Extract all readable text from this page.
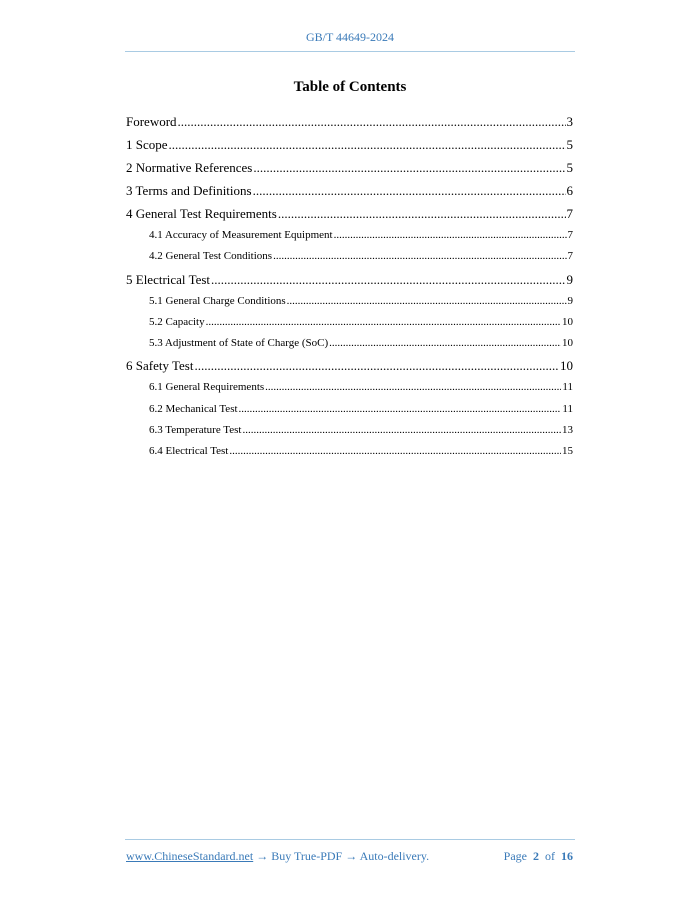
GB/T 44649-2024
Table of Contents
Foreword .....	3
1 Scope .....	5
2 Normative References .....	5
3 Terms and Definitions .....	6
4 General Test Requirements .....	7
4.1 Accuracy of Measurement Equipment .....	7
4.2 General Test Conditions .....	7
5 Electrical Test .....	9
5.1 General Charge Conditions .....	9
5.2 Capacity .....	10
5.3 Adjustment of State of Charge (SoC) .....	10
6 Safety Test .....	10
6.1 General Requirements .....	11
6.2 Mechanical Test .....	11
6.3 Temperature Test .....	13
6.4 Electrical Test .....	15
www.ChineseStandard.net → Buy True-PDF → Auto-delivery.	Page 2 of 16
